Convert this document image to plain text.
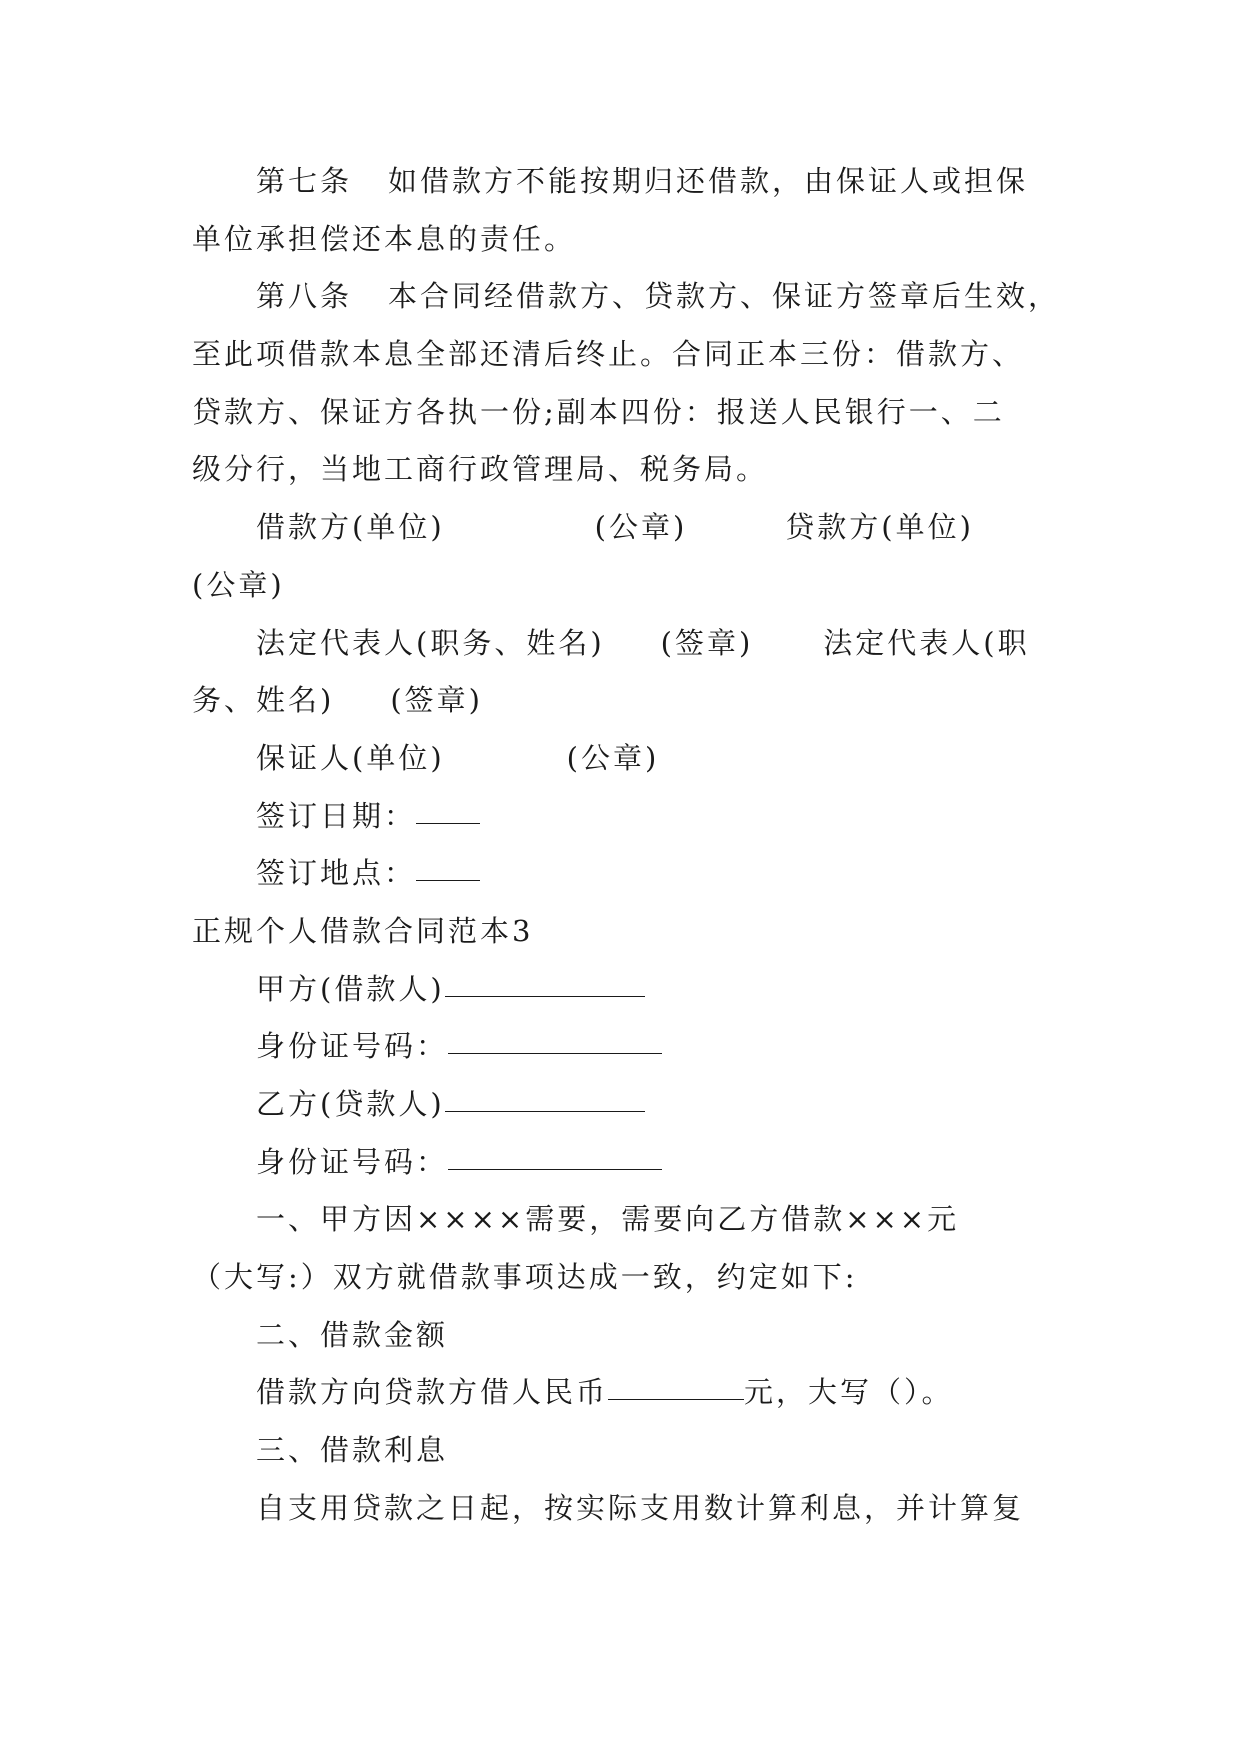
第七条 如借款方不能按期归还借款，由保证人或担保
单位承担偿还本息的责任。
第八条 本合同经借款方、贷款方、保证方签章后生效，
至此项借款本息全部还清后终止。合同正本三份：借款方、
贷款方、保证方各执一份;副本四份：报送人民银行一、二
级分行，当地工商行政管理局、税务局。
借款方(单位)	(公章)	贷款方(单位)
(公章)
法定代表人(职务、姓名) (签章) 法定代表人(职
务、姓名) (签章)
保证人(单位)	(公章)
签订日期：
签订地点：
正规个人借款合同范本3
甲方(借款人)
身份证号码：
乙方(贷款人)
身份证号码：
一、甲方因××××需要，需要向乙方借款×××元
（大写:）双方就借款事项达成一致，约定如下:
二、借款金额
借款方向贷款方借人民币	元，大写（）。
三、借款利息
自支用贷款之日起，按实际支用数计算利息，并计算复
